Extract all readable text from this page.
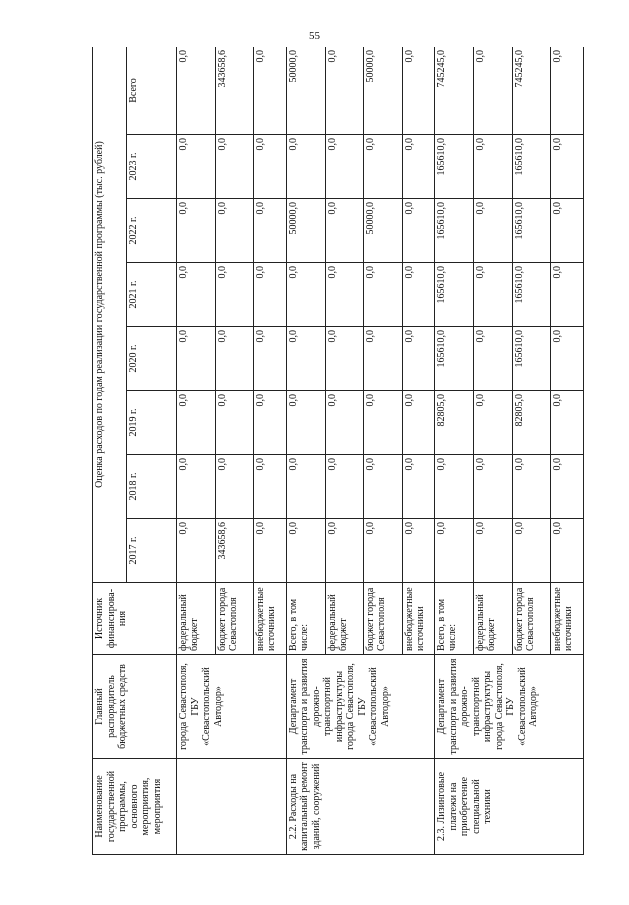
55
Наименование государственной программы, основного мероприятия, мероприятия	Главный распорядитель бюджетных средств	Источник финансирова-ния	Оценка расходов по годам реализации государственной программы (тыс. рублей)							
			2017 г.	2018 г.	2019 г.	2020 г.	2021 г.	2022 г.	2023 г.	Всего
	города Севастополя, ГБУ «Севастопольский Автодор»	федеральный бюджет	0,0	0,0	0,0	0,0	0,0	0,0	0,0	0,0
		бюджет города Севастополя	343658,6	0,0	0,0	0,0	0,0	0,0	0,0	343658,6
		внебюджетные источники	0,0	0,0	0,0	0,0	0,0	0,0	0,0	0,0
2.2. Расходы на капитальный ремонт зданий, сооружений	Департамент транспорта и развития дорожно-транспортной инфраструктуры города Севастополя, ГБУ «Севастопольский Автодор»	Всего, в том числе:	0,0	0,0	0,0	0,0	0,0	50000,0	0,0	50000,0
		федеральный бюджет	0,0	0,0	0,0	0,0	0,0	0,0	0,0	0,0
		бюджет города Севастополя	0,0	0,0	0,0	0,0	0,0	50000,0	0,0	50000,0
		внебюджетные источники	0,0	0,0	0,0	0,0	0,0	0,0	0,0	0,0
2.3. Лизинговые платежи на приобретение специальной техники	Департамент транспорта и развития дорожно-транспортной инфраструктуры города Севастополя, ГБУ «Севастопольский Автодор»	Всего, в том числе:	0,0	0,0	82805,0	165610,0	165610,0	165610,0	165610,0	745245,0
		федеральный бюджет	0,0	0,0	0,0	0,0	0,0	0,0	0,0	0,0
		бюджет города Севастополя	0,0	0,0	82805,0	165610,0	165610,0	165610,0	165610,0	745245,0
		внебюджетные источники	0,0	0,0	0,0	0,0	0,0	0,0	0,0	0,0
